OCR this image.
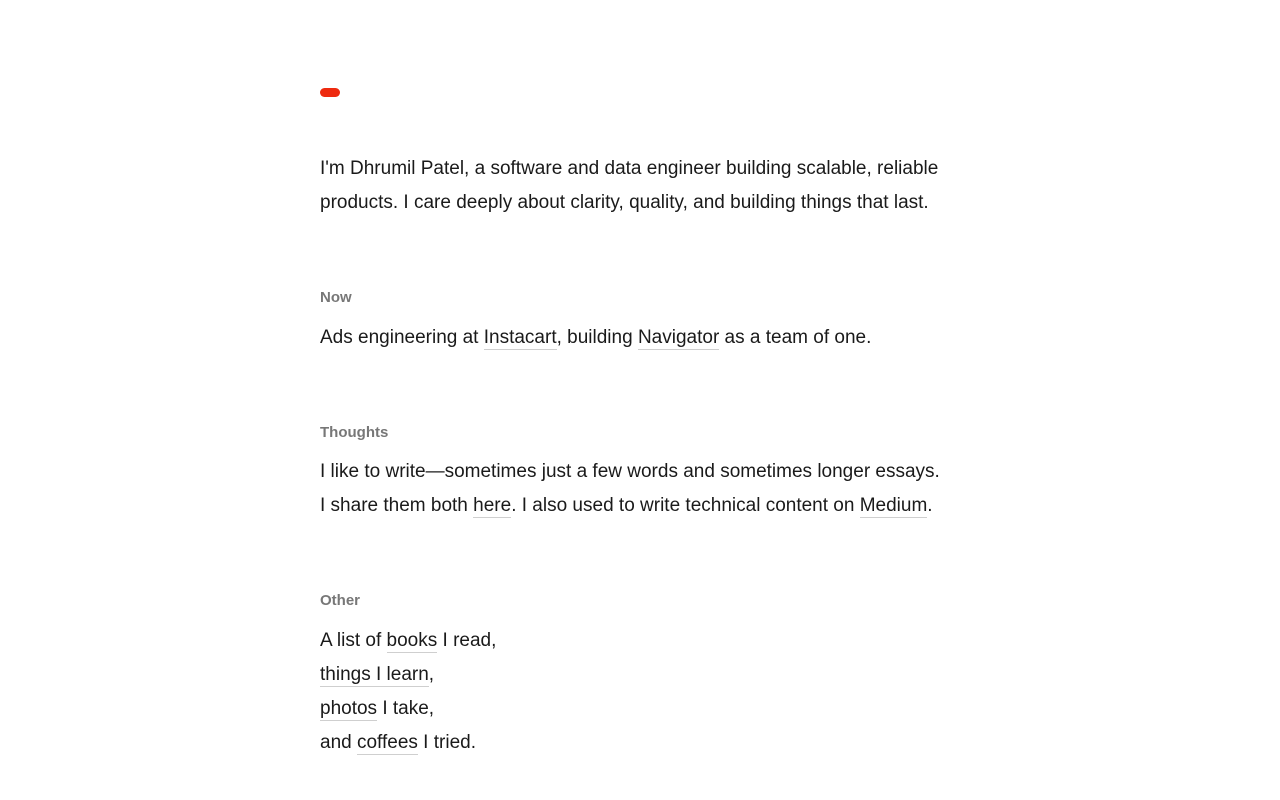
I'm Dhrumil Patel, a software and data engineer building scalable, reliable
products. I care deeply about clarity, quality, and building things that last.

Now

Ads engineering at Instacart, building Navigator as a team of one.

Thoughts

I like to write—sometimes just a few words and sometimes longer essays.
I share them both here. I also used to write technical content on Medium.

Other

A list of books I read,
things I learn,
photos I take,
and coffees I tried.
